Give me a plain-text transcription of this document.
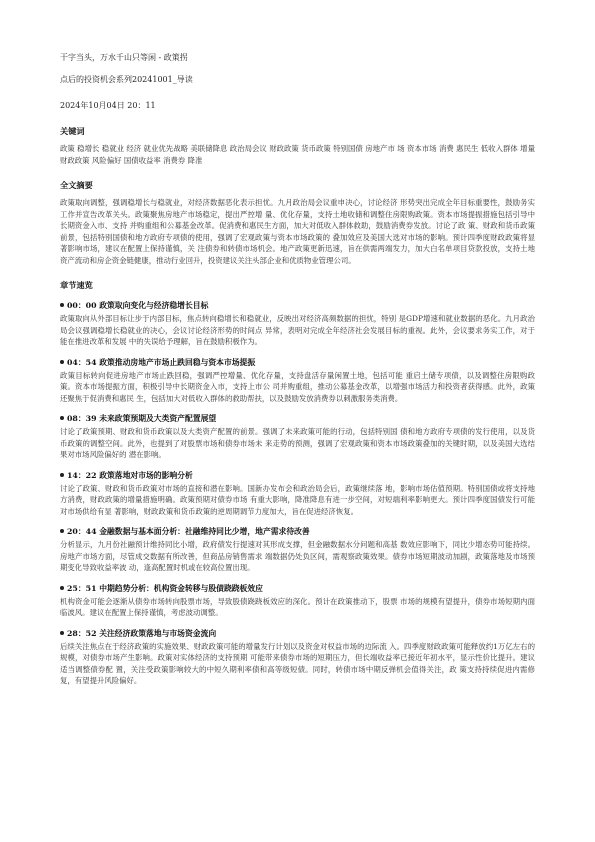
干字当头，万水千山只等闲 - 政策拐

点后的投资机会系列20241001_导读

2024年10月04日 20：11

关键词

政策 稳增长 稳就业 经济 就业优先战略 美联储降息 政治局会议 财政政策 货币政策 特别国债 房地产市 场 资本市场 消费 惠民生 低收入群体 增量财政政策 风险偏好 国债收益率 消费券 降准

全文摘要

政策取向调整，强调稳增长与稳就业，对经济数据恶化表示担忧。九月政治局会议重申决心，讨论经济 形势突出完成全年目标重要性，鼓励务实工作并宣告改革关头。政策聚焦房地产市场稳定，提出严控增 量、优化存量，支持土地收储和调整住房限购政策。资本市场提振措施包括引导中长期资金入市、支持 并购重组和公募基金改革。促消费和惠民生方面，加大对低收入群体救助，鼓励消费券发放。讨论了政 策、财政和货币政策前景，包括特别国债和地方政府专项债的使用，强调了宏观政策与资本市场政策的 叠加效应及美国大选对市场的影响。预计四季度财政政策将显著影响市场，建议在配置上保持谨慎，关 注债券和转债市场机会。地产政策更新迅速，旨在供需两端发力，加大白名单项目贷款投放，支持土地 资产流动和房企资金链健康，推动行业回升，投资建议关注头部企业和优质物业管理公司。

章节速览
00：00 政策取向变化与经济稳增长目标

政策取向从外部目标让步于内部目标，焦点转向稳增长和稳就业，反映出对经济高频数据的担忧，特别 是GDP增速和就业数据的恶化。九月政治局会议强调稳增长稳就业的决心，会议讨论经济形势的时间点 异常，表明对完成全年经济社会发展目标的重视。此外，会议要求务实工作，对于能在推进改革和发展 中的失误给予理解，旨在鼓励积极作为。

04：54 政策推动房地产市场止跌回稳与资本市场提振

政策目标转向促进房地产市场止跌回稳，强调严控增量、优化存量，支持盘活存量闲置土地，包括可能 重启土储专项债，以及调整住房限购政策。资本市场提振方面，积极引导中长期资金入市，支持上市公 司并购重组，推动公募基金改革，以增强市场活力和投资者获得感。此外，政策还聚焦于促消费和惠民 生，包括加大对低收入群体的救助帮扶，以及鼓励发放消费券以刺激服务类消费。

08：39 未来政策预期及大类资产配置展望

讨论了政策预期、财政和货币政策以及大类资产配置的前景。强调了未来政策可能的行动，包括特别国 债和地方政府专项债的发行使用，以及货币政策的调整空间。此外，也提到了对股票市场和债券市场未 来走势的预测，强调了宏观政策和资本市场政策叠加的关键时期，以及美国大选结果对市场风险偏好的 潜在影响。

14：22 政策落地对市场的影响分析

讨论了政策、财政和货币政策对市场的直接和潜在影响。国新办发布会和政治局会后，政策继续落 地，影响市场估值预期。特别国债或将支持地方消费，财政政策的增量措施明确。政策预期对债券市场 有重大影响，降准降息有进一步空间，对短端利率影响更大。预计四季度国债发行可能对市场供给有显 著影响，财政政策和货币政策的逆周期调节力度加大，旨在促进经济恢复。

20：44 金融数据与基本面分析：社融维持同比少增，地产需求待改善

分析显示，九月份社融预计维持同比小增，政府债发行提速对其形成支撑，但金融数据水分问题和高基 数效应影响下，同比少增态势可能持续。房地产市场方面，尽管成交数据有所改善，但商品房销售需求 端数据仍处负区间，需观察政策效果。债券市场短期波动加剧，政策落地及市场预期变化导致收益率波 动，逢高配置时机或在较高位置出现。

25：51 中期趋势分析：机构资金转移与股债跷跷板效应

机构资金可能会逐渐从债券市场转向股票市场，导致股债跷跷板效应的深化。预计在政策推动下，股票 市场的规模有望提升，债券市场短期内面临波风。建议在配置上保持谨慎，考虑波动调整。

28：52 关注经济政策落地与市场资金流向

后续关注焦点在于经济政策的实施效果、财政政策可能的增量发行计划以及资金对权益市场的边际流 入。四季度财政政策可能释放约1万亿左右的规模，对债券市场产生影响。政策对实体经济的支持预期 可能带来债券市场的短期压力，但长端收益率已接近年初水平，显示性价比提升。建议适当调整债券配 置，关注受政策影响较大的中短久期利率债和高等级短债。同时，转债市场中期反弹机会值得关注，政 策支持持续促进内需修复，有望提升风险偏好。
